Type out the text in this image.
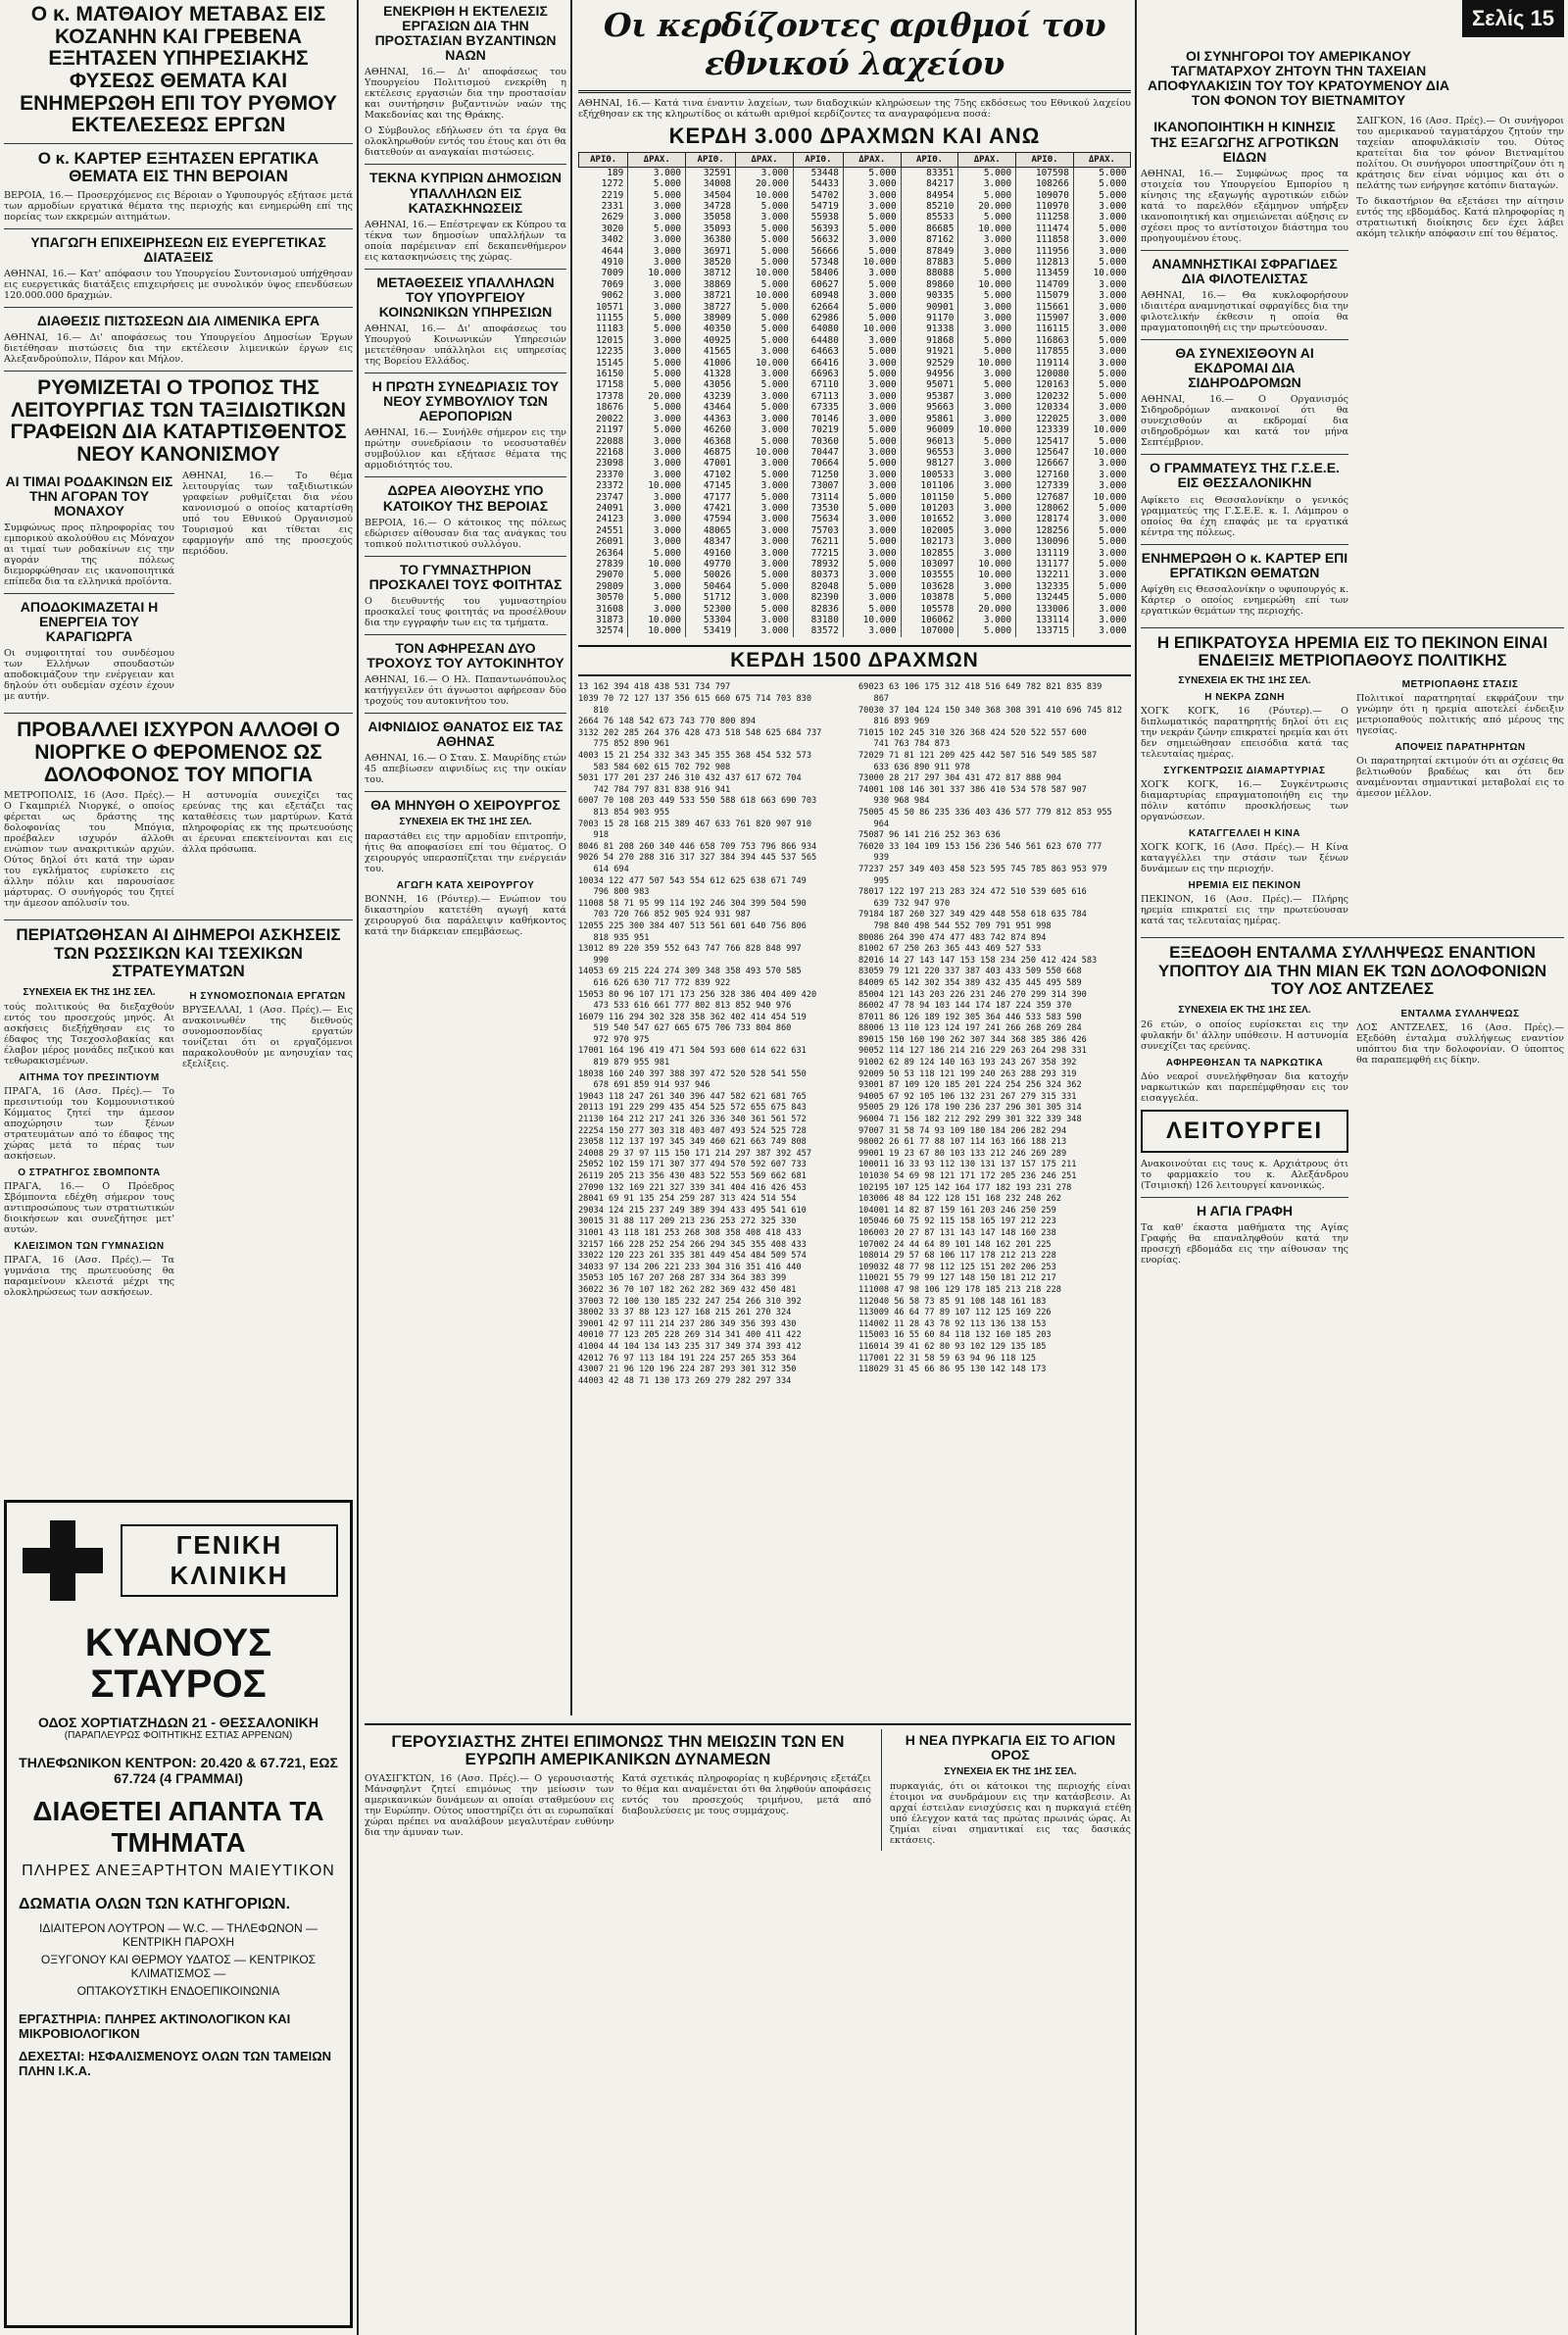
Ο κ. ΜΑΤΘΑΙΟΥ ΜΕΤΑΒΑΣ ΕΙΣ ΚΟΖΑΝΗΝ ΚΑΙ ΓΡΕΒΕΝΑ ΕΞΗΤΑΣΕΝ ΥΠΗΡΕΣΙΑΚΗΣ ΦΥΣΕΩΣ ΘΕΜΑΤΑ ΚΑΙ ΕΝΗΜΕΡΩΘΗ ΕΠΙ ΤΟΥ ΡΥΘΜΟΥ ΕΚΤΕΛΕΣΕΩΣ ΕΡΓΩΝ
Ο κ. ΚΑΡΤΕΡ ΕΞΗΤΑΣΕΝ ΕΡΓΑΤΙΚΑ ΘΕΜΑΤΑ ΕΙΣ ΤΗΝ ΒΕΡΟΙΑΝ

ΒΕΡΟΙΑ, 16.— Προσερχόμενος εις Βέροιαν ο Υφυπουργός εξήτασε μετά των αρμοδίων εργατικά θέματα της περιοχής και ενημερώθη επί της πορείας των εκκρεμών αιτημάτων.

ΥΠΑΓΩΓΗ ΕΠΙΧΕΙΡΗΣΕΩΝ ΕΙΣ ΕΥΕΡΓΕΤΙΚΑΣ ΔΙΑΤΑΞΕΙΣ

ΑΘΗΝΑΙ, 16.— Κατ' απόφασιν του Υπουργείου Συντονισμού υπήχθησαν εις ευεργετικάς διατάξεις επιχειρήσεις με συνολικόν ύψος επενδύσεων 120.000.000 δραχμών.

ΔΙΑΘΕΣΙΣ ΠΙΣΤΩΣΕΩΝ ΔΙΑ ΛΙΜΕΝΙΚΑ ΕΡΓΑ

ΑΘΗΝΑΙ, 16.— Δι' αποφάσεως του Υπουργείου Δημοσίων Έργων διετέθησαν πιστώσεις δια την εκτέλεσιν λιμενικών έργων εις Αλεξανδρούπολιν, Πάρον και Μήλον.

ΡΥΘΜΙΖΕΤΑΙ Ο ΤΡΟΠΟΣ ΤΗΣ ΛΕΙΤΟΥΡΓΙΑΣ ΤΩΝ ΤΑΞΙΔΙΩΤΙΚΩΝ ΓΡΑΦΕΙΩΝ ΔΙΑ ΚΑΤΑΡΤΙΣΘΕΝΤΟΣ ΝΕΟΥ ΚΑΝΟΝΙΣΜΟΥ
ΑΙ ΤΙΜΑΙ ΡΟΔΑΚΙΝΩΝ ΕΙΣ ΤΗΝ ΑΓΟΡΑΝ ΤΟΥ ΜΟΝΑΧΟΥ

Συμφώνως προς πληροφορίας του εμπορικού ακολούθου εις Μόναχον αι τιμαί των ροδακίνων εις την αγοράν της πόλεως διεμορφώθησαν εις ικανοποιητικά επίπεδα δια τα ελληνικά προϊόντα.

ΑΠΟΔΟΚΙΜΑΖΕΤΑΙ Η ΕΝΕΡΓΕΙΑ ΤΟΥ ΚΑΡΑΓΙΩΡΓΑ

Οι συμφοιτηταί του συνδέσμου των Ελλήνων σπουδαστών αποδοκιμάζουν την ενέργειαν και δηλούν ότι ουδεμίαν σχέσιν έχουν με αυτήν.

ΑΘΗΝΑΙ, 16.— Το θέμα λειτουργίας των ταξιδιωτικών γραφείων ρυθμίζεται δια νέου κανονισμού ο οποίος καταρτίσθη υπό του Εθνικού Οργανισμού Τουρισμού και τίθεται εις εφαρμογήν από της προσεχούς περιόδου.

ΠΡΟΒΑΛΛΕΙ ΙΣΧΥΡΟΝ ΑΛΛΟΘΙ Ο ΝΙΟΡΓΚΕ Ο ΦΕΡΟΜΕΝΟΣ ΩΣ ΔΟΛΟΦΟΝΟΣ ΤΟΥ ΜΠΟΓΙΑ

ΜΕΤΡΟΠΟΛΙΣ, 16 (Ασσ. Πρές).— Ο Γκαμπριέλ Νιοργκέ, ο οποίος φέρεται ως δράστης της δολοφονίας του Μπόγια, προέβαλεν ισχυρόν άλλοθι ενώπιον των ανακριτικών αρχών. Ούτος δηλοί ότι κατά την ώραν του εγκλήματος ευρίσκετο εις άλλην πόλιν και παρουσίασε μάρτυρας. Ο συνήγορός του ζητεί την άμεσον απόλυσίν του.

Η αστυνομία συνεχίζει τας ερεύνας της και εξετάζει τας καταθέσεις των μαρτύρων. Κατά πληροφορίας εκ της πρωτευούσης αι έρευναι επεκτείνονται και εις άλλα πρόσωπα.

ΠΕΡΙΑΤΩΘΗΣΑΝ ΑΙ ΔΙΗΜΕΡΟΙ ΑΣΚΗΣΕΙΣ ΤΩΝ ΡΩΣΣΙΚΩΝ ΚΑΙ ΤΣΕΧΙΚΩΝ ΣΤΡΑΤΕΥΜΑΤΩΝ
ΣΥΝΕΧΕΙΑ ΕΚ ΤΗΣ 1ΗΣ ΣΕΛ.

τούς πολιτικούς θα διεξαχθούν εντός του προσεχούς μηνός. Αι ασκήσεις διεξήχθησαν εις το έδαφος της Τσεχοσλοβακίας και έλαβον μέρος μονάδες πεζικού και τεθωρακισμένων.

ΑΙΤΗΜΑ ΤΟΥ ΠΡΕΣΙΝΤΙΟΥΜ

ΠΡΑΓΑ, 16 (Ασσ. Πρές).— Το πρεσιντιούμ του Κομμουνιστικού Κόμματος ζητεί την άμεσον αποχώρησιν των ξένων στρατευμάτων από το έδαφος της χώρας μετά το πέρας των ασκήσεων.

Ο ΣΤΡΑΤΗΓΟΣ ΣΒΟΜΠΟΝΤΑ

ΠΡΑΓΑ, 16.— Ο Πρόεδρος Σβόμποντα εδέχθη σήμερον τους αντιπροσώπους των στρατιωτικών διοικήσεων και συνεζήτησε μετ' αυτών.

ΚΛΕΙΣΙΜΟΝ ΤΩΝ ΓΥΜΝΑΣΙΩΝ

ΠΡΑΓΑ, 16 (Ασσ. Πρές).— Τα γυμνάσια της πρωτευούσης θα παραμείνουν κλειστά μέχρι της ολοκληρώσεως των ασκήσεων.

Η ΣΥΝΟΜΟΣΠΟΝΔΙΑ ΕΡΓΑΤΩΝ

ΒΡΥΞΕΛΛΑΙ, 1 (Ασσ. Πρές).— Εις ανακοινωθέν της διεθνούς συνομοσπονδίας εργατών τονίζεται ότι οι εργαζόμενοι παρακολουθούν με ανησυχίαν τας εξελίξεις.

ΓΕΝΙΚΗ ΚΛΙΝΙΚΗ
ΚΥΑΝΟΥΣ ΣΤΑΥΡΟΣ
ΟΔΟΣ ΧΟΡΤΙΑΤΖΗΔΩΝ 21 - ΘΕΣΣΑΛΟΝΙΚΗ
(ΠΑΡΑΠΛΕΥΡΩΣ ΦΟΙΤΗΤΙΚΗΣ ΕΣΤΙΑΣ ΑΡΡΕΝΩΝ)
ΤΗΛΕΦΩΝΙΚΟΝ ΚΕΝΤΡΟΝ: 20.420 & 67.721, ΕΩΣ 67.724 (4 ΓΡΑΜΜΑΙ)
ΔΙΑΘΕΤΕΙ ΑΠΑΝΤΑ ΤΑ ΤΜΗΜΑΤΑ
ΠΛΗΡΕΣ ΑΝΕΞΑΡΤΗΤΟΝ ΜΑΙΕΥΤΙΚΟΝ
ΔΩΜΑΤΙΑ ΟΛΩΝ ΤΩΝ ΚΑΤΗΓΟΡΙΩΝ.
ΙΔΙΑΙΤΕΡΟΝ ΛΟΥΤΡΟΝ — W.C. — ΤΗΛΕΦΩΝΟΝ — ΚΕΝΤΡΙΚΗ ΠΑΡΟΧΗ
ΟΞΥΓΟΝΟΥ ΚΑΙ ΘΕΡΜΟΥ ΥΔΑΤΟΣ — ΚΕΝΤΡΙΚΟΣ ΚΛΙΜΑΤΙΣΜΟΣ —
ΟΠΤΑΚΟΥΣΤΙΚΗ ΕΝΔΟΕΠΙΚΟΙΝΩΝΙΑ
ΕΡΓΑΣΤΗΡΙΑ: ΠΛΗΡΕΣ ΑΚΤΙΝΟΛΟΓΙΚΟΝ ΚΑΙ ΜΙΚΡΟΒΙΟΛΟΓΙΚΟΝ
ΔΕΧΕΣΤΑΙ: ΗΣΦΑΛΙΣΜΕΝΟΥΣ ΟΛΩΝ ΤΩΝ ΤΑΜΕΙΩΝ ΠΛΗΝ Ι.Κ.Α.
ΕΝΕΚΡΙΘΗ Η ΕΚΤΕΛΕΣΙΣ ΕΡΓΑΣΙΩΝ ΔΙΑ ΤΗΝ ΠΡΟΣΤΑΣΙΑΝ ΒΥΖΑΝΤΙΝΩΝ ΝΑΩΝ

ΑΘΗΝΑΙ, 16.— Δι' αποφάσεως του Υπουργείου Πολιτισμού ενεκρίθη η εκτέλεσις εργασιών δια την προστασίαν και συντήρησιν βυζαντινών ναών της Μακεδονίας και της Θράκης.

Ο Σύμβουλος εδήλωσεν ότι τα έργα θα ολοκληρωθούν εντός του έτους και ότι θα διατεθούν αι αναγκαίαι πιστώσεις.

ΤΕΚΝΑ ΚΥΠΡΙΩΝ ΔΗΜΟΣΙΩΝ ΥΠΑΛΛΗΛΩΝ ΕΙΣ ΚΑΤΑΣΚΗΝΩΣΕΙΣ

ΑΘΗΝΑΙ, 16.— Επέστρεψαν εκ Κύπρου τα τέκνα των δημοσίων υπαλλήλων τα οποία παρέμειναν επί δεκαπενθήμερον εις κατασκηνώσεις της χώρας.

ΜΕΤΑΘΕΣΕΙΣ ΥΠΑΛΛΗΛΩΝ ΤΟΥ ΥΠΟΥΡΓΕΙΟΥ ΚΟΙΝΩΝΙΚΩΝ ΥΠΗΡΕΣΙΩΝ

ΑΘΗΝΑΙ, 16.— Δι' αποφάσεως του Υπουργού Κοινωνικών Υπηρεσιών μετετέθησαν υπάλληλοι εις υπηρεσίας της Βορείου Ελλάδος.

Η ΠΡΩΤΗ ΣΥΝΕΔΡΙΑΣΙΣ ΤΟΥ ΝΕΟΥ ΣΥΜΒΟΥΛΙΟΥ ΤΩΝ ΑΕΡΟΠΟΡΙΩΝ

ΑΘΗΝΑΙ, 16.— Συνήλθε σήμερον εις την πρώτην συνεδρίασιν το νεοσυσταθέν συμβούλιον και εξήτασε θέματα της αρμοδιότητός του.

ΔΩΡΕΑ ΑΙΘΟΥΣΗΣ ΥΠΟ ΚΑΤΟΙΚΟΥ ΤΗΣ ΒΕΡΟΙΑΣ

ΒΕΡΟΙΑ, 16.— Ο κάτοικος της πόλεως εδώρισεν αίθουσαν δια τας ανάγκας του τοπικού πολιτιστικού συλλόγου.

ΤΟ ΓΥΜΝΑΣΤΗΡΙΟΝ ΠΡΟΣΚΑΛΕΙ ΤΟΥΣ ΦΟΙΤΗΤΑΣ

Ο διευθυντής του γυμναστηρίου προσκαλεί τους φοιτητάς να προσέλθουν δια την εγγραφήν των εις τα τμήματα.

ΤΟΝ ΑΦΗΡΕΣΑΝ ΔΥΟ ΤΡΟΧΟΥΣ ΤΟΥ ΑΥΤΟΚΙΝΗΤΟΥ

ΑΘΗΝΑΙ, 16.— Ο Ηλ. Παπαντωνόπουλος κατήγγειλεν ότι άγνωστοι αφήρεσαν δύο τροχούς του αυτοκινήτου του.

ΑΙΦΝΙΔΙΟΣ ΘΑΝΑΤΟΣ ΕΙΣ ΤΑΣ ΑΘΗΝΑΣ

ΑΘΗΝΑΙ, 16.— Ο Σταυ. Σ. Μαυρίδης ετών 45 απεβίωσεν αιφνιδίως εις την οικίαν του.

ΘΑ ΜΗΝΥΘΗ Ο ΧΕΙΡΟΥΡΓΟΣ
ΣΥΝΕΧΕΙΑ ΕΚ ΤΗΣ 1ΗΣ ΣΕΛ.

παραστάθει εις την αρμοδίαν επιτροπήν, ήτις θα αποφασίσει επί του θέματος. Ο χειρουργός υπερασπίζεται την ενέργειάν του.

ΑΓΩΓΗ ΚΑΤΑ ΧΕΙΡΟΥΡΓΟΥ

ΒΟΝΝΗ, 16 (Ρόυτερ).— Ενώπιον του δικαστηρίου κατετέθη αγωγή κατά χειρουργού δια παράλειψιν καθήκοντος κατά την διάρκειαν επεμβάσεως.

Οι κερδίζοντες αριθμοί του εθνικού λαχείου

ΑΘΗΝΑΙ, 16.— Κατά τινα έναντιν λαχείων, των διαδοχικών κληρώσεων της 75ης εκδόσεως του Εθνικού λαχείου εξήχθησαν εκ της κληρωτίδος οι κάτωθι αριθμοί κερδίζοντες τα αναγραφόμενα ποσά:

ΚΕΡΔΗ 3.000 ΔΡΑΧΜΩΝ ΚΑΙ ΑΝΩ
ΑΡΙΘ.	ΔΡΑΧ.	ΑΡΙΘ.	ΔΡΑΧ.	ΑΡΙΘ.	ΔΡΑΧ.	ΑΡΙΘ.	ΔΡΑΧ.	ΑΡΙΘ.	ΔΡΑΧ.
189	3.000	32591	3.000	53448	5.000	83351	5.000	107598	5.000
1272	5.000	34008	20.000	54433	3.000	84217	3.000	108266	5.000
2219	5.000	34504	10.000	54702	3.000	84954	5.000	109070	5.000
2331	3.000	34728	5.000	54719	3.000	85210	20.000	110970	3.000
2629	3.000	35058	3.000	55938	5.000	85533	5.000	111258	3.000
3020	5.000	35093	5.000	56393	5.000	86685	10.000	111474	5.000
3402	3.000	36380	5.000	56632	3.000	87162	3.000	111858	3.000
4644	3.000	36971	5.000	56666	5.000	87849	3.000	111956	3.000
4910	3.000	38520	5.000	57348	10.000	87883	5.000	112813	5.000
7009	10.000	38712	10.000	58406	3.000	88088	5.000	113459	10.000
7069	3.000	38869	5.000	60627	5.000	89860	10.000	114709	3.000
9062	3.000	38721	10.000	60948	3.000	90335	5.000	115079	3.000
10571	3.000	38727	5.000	62664	5.000	90901	3.000	115661	3.000
11155	5.000	38909	5.000	62986	5.000	91170	3.000	115907	3.000
11183	5.000	40350	5.000	64080	10.000	91338	3.000	116115	3.000
12015	3.000	40925	5.000	64480	3.000	91868	5.000	116863	5.000
12235	3.000	41565	3.000	64663	5.000	91921	5.000	117855	3.000
15145	5.000	41006	10.000	66416	3.000	92529	10.000	119114	3.000
16150	5.000	41328	3.000	66963	5.000	94956	3.000	120080	5.000
17158	5.000	43056	5.000	67110	3.000	95071	5.000	120163	5.000
17378	20.000	43239	3.000	67113	3.000	95387	3.000	120232	5.000
18676	5.000	43464	5.000	67335	3.000	95663	3.000	120334	3.000
20022	3.000	44363	3.000	70146	3.000	95861	3.000	122025	3.000
21197	5.000	46260	3.000	70219	5.000	96009	10.000	123339	10.000
22088	3.000	46368	5.000	70360	5.000	96013	5.000	125417	5.000
22168	3.000	46875	10.000	70447	3.000	96553	3.000	125647	10.000
23098	3.000	47001	3.000	70664	5.000	98127	3.000	126667	3.000
23370	3.000	47102	5.000	71250	3.000	100533	3.000	127160	3.000
23372	10.000	47145	3.000	73007	3.000	101106	3.000	127339	3.000
23747	3.000	47177	5.000	73114	5.000	101150	5.000	127687	10.000
24091	3.000	47421	3.000	73530	5.000	101203	3.000	128062	5.000
24123	3.000	47594	3.000	75634	3.000	101652	3.000	128174	3.000
24551	3.000	48065	3.000	75703	3.000	102005	3.000	128256	5.000
26091	3.000	48347	3.000	76211	5.000	102173	3.000	130096	5.000
26364	5.000	49160	3.000	77215	3.000	102855	3.000	131119	3.000
27839	10.000	49770	3.000	78932	5.000	103097	10.000	131177	5.000
29070	5.000	50026	5.000	80373	3.000	103555	10.000	132211	3.000
29809	3.000	50464	5.000	82048	5.000	103628	3.000	132335	5.000
30570	5.000	51712	3.000	82390	3.000	103878	5.000	132445	5.000
31608	3.000	52300	5.000	82836	5.000	105578	20.000	133006	3.000
31873	10.000	53304	3.000	83180	10.000	106062	3.000	133114	3.000
32574	10.000	53419	3.000	83572	3.000	107000	5.000	133715	3.000
ΚΕΡΔΗ 1500 ΔΡΑΧΜΩΝ
13 162 394 418 438 531 734 797
1039 70 72 127 137 356 615 660 675 714 703 830
810
2664 76 148 542 673 743 770 800 894
3132 202 285 264 376 428 473 518 548 625 684 737
775 852 890 961
4003 15 21 254 332 343 345 355 368 454 532 573
583 584 602 615 702 792 908
5031 177 201 237 246 310 432 437 617 672 704
742 784 797 831 838 916 941
6007 70 108 203 449 533 550 588 618 663 690 703
813 854 903 955
7003 15 28 168 215 389 467 633 761 820 907 910
918
8046 81 208 260 340 446 658 709 753 796 866 934
9026 54 270 288 316 317 327 384 394 445 537 565
614 694
10034 122 477 507 543 554 612 625 638 671 749
796 800 983
11008 58 71 95 99 114 192 246 304 399 504 590
703 720 766 852 905 924 931 987
12055 225 300 384 407 513 561 601 640 756 806
818 935 951
13012 89 220 359 552 643 747 766 828 848 997
990
14053 69 215 224 274 309 348 358 493 570 585
616 626 630 717 772 839 922
15053 80 96 107 171 173 256 328 386 404 409 420
473 533 616 661 777 802 813 852 940 976
16079 116 294 302 328 358 362 402 414 454 519
519 540 547 627 665 675 706 733 804 860
972 970 975
17001 164 196 419 471 504 593 600 614 622 631
819 879 955 981
18038 160 240 397 388 397 472 520 528 541 550
678 691 859 914 937 946
19043 118 247 261 340 396 447 582 621 681 765
20113 191 229 299 435 454 525 572 655 675 843
21130 164 212 217 241 326 336 340 361 561 572
22254 150 277 303 318 403 407 493 524 525 728
23058 112 137 197 345 349 460 621 663 749 808
24008 29 37 97 115 150 171 214 297 387 392 457
25052 102 159 171 307 377 494 570 592 607 733
26119 205 213 356 430 483 522 553 569 662 681
27090 132 169 221 327 339 341 404 416 426 453
28041 69 91 135 254 259 287 313 424 514 554
29034 124 215 237 249 389 394 433 495 541 610
30015 31 88 117 209 213 236 253 272 325 330
31001 43 118 181 253 268 308 358 408 418 433
32157 166 228 252 254 266 294 345 355 408 433
33022 120 223 261 335 381 449 454 484 509 574
34033 97 134 206 221 233 304 316 351 416 440
35053 105 167 207 268 287 334 364 383 399
36022 36 70 107 182 262 282 369 432 450 481
37003 72 100 130 185 232 247 254 266 310 392
38002 33 37 88 123 127 168 215 261 270 324
39001 42 97 111 214 237 286 349 356 393 430
40010 77 123 205 228 269 314 341 400 411 422
41004 44 104 134 143 235 317 349 374 393 412
42012 76 97 113 184 191 224 257 265 353 364
43007 21 96 120 196 224 287 293 301 312 350
44003 42 48 71 130 173 269 279 282 297 334
69023 63 106 175 312 418 516 649 782 821 835 839
867
70030 37 104 124 150 340 368 308 391 410 696 745 812
816 893 969
71015 102 245 310 326 368 424 520 522 557 600
741 763 784 873
72029 71 81 121 209 425 442 507 516 549 585 587
633 636 890 911 978
73000 28 217 297 304 431 472 817 888 904
74001 108 146 301 337 386 410 534 578 587 907
930 968 984
75005 45 50 86 235 336 403 436 577 779 812 853 955
964
75087 96 141 216 252 363 636
76020 33 104 109 153 156 236 546 561 623 670 777
939
77237 257 349 403 458 523 595 745 785 863 953 979
995
78017 122 197 213 283 324 472 510 539 605 616
639 732 947 970
79184 187 260 327 349 429 448 558 618 635 784
798 840 498 544 552 709 791 951 998
80086 264 390 474 477 483 742 874 894
81002 67 250 263 365 443 469 527 533
82016 14 27 143 147 153 158 234 250 412 424 583
83059 79 121 220 337 387 403 433 509 550 668
84009 65 142 302 354 389 432 435 445 495 589
85004 121 143 203 226 231 246 270 299 314 390
86002 47 78 94 103 144 174 187 224 359 370
87011 86 126 189 192 305 364 446 533 583 590
88006 13 110 123 124 197 241 266 268 269 284
89015 150 160 190 262 307 344 368 385 386 426
90052 114 127 186 214 216 229 263 264 298 331
91002 62 89 124 140 163 193 243 267 358 392
92009 50 53 118 121 199 240 263 288 293 319
93001 87 109 120 185 201 224 254 256 324 362
94005 67 92 105 106 132 231 267 279 315 331
95005 29 126 178 190 236 237 296 301 305 314
96004 71 156 182 212 292 299 301 322 339 348
97007 31 58 74 93 109 180 184 206 282 294
98002 26 61 77 88 107 114 163 166 188 213
99001 19 23 67 80 103 133 212 246 269 289
100011 16 33 93 112 130 131 137 157 175 211
101030 54 69 98 121 171 172 205 236 246 251
102195 107 125 142 164 177 182 193 231 278
103006 48 84 122 128 151 168 232 248 262
104001 14 82 87 159 161 203 246 250 259
105046 60 75 92 115 158 165 197 212 223
106003 20 27 87 131 143 147 148 160 238
107002 24 44 64 89 101 148 162 201 225
108014 29 57 68 106 117 178 212 213 228
109032 48 77 98 112 125 151 202 206 253
110021 55 79 99 127 148 150 181 212 217
111008 47 98 106 129 178 185 213 218 228
112040 56 58 73 85 91 108 148 161 183
113009 46 64 77 89 107 112 125 169 226
114002 11 28 43 78 92 113 136 138 153
115003 16 55 60 84 118 132 160 185 203
116014 39 41 62 80 93 102 129 135 185
117001 22 31 58 59 63 94 96 118 125
118029 31 45 66 86 95 130 142 148 173
ΓΕΡΟΥΣΙΑΣΤΗΣ ΖΗΤΕΙ ΕΠΙΜΟΝΩΣ ΤΗΝ ΜΕΙΩΣΙΝ ΤΩΝ ΕΝ ΕΥΡΩΠΗ ΑΜΕΡΙΚΑΝΙΚΩΝ ΔΥΝΑΜΕΩΝ

ΟΥΑΣΙΓΚΤΩΝ, 16 (Ασσ. Πρές).— Ο γερουσιαστής Μάνσφηλντ ζητεί επιμόνως την μείωσιν των αμερικανικών δυνάμεων αι οποίαι σταθμεύουν εις την Ευρώπην. Ούτος υποστηρίζει ότι αι ευρωπαϊκαί χώραι πρέπει να αναλάβουν μεγαλυτέραν ευθύνην δια την άμυναν των.

Κατά σχετικάς πληροφορίας η κυβέρνησις εξετάζει το θέμα και αναμένεται ότι θα ληφθούν αποφάσεις εντός του προσεχούς τριμήνου, μετά από διαβουλεύσεις με τους συμμάχους.

Η ΝΕΑ ΠΥΡΚΑΓΙΑ ΕΙΣ ΤΟ ΑΓΙΟΝ ΟΡΟΣ
ΣΥΝΕΧΕΙΑ ΕΚ ΤΗΣ 1ΗΣ ΣΕΛ.

πυρκαγιάς, ότι οι κάτοικοι της περιοχής είναι έτοιμοι να συνδράμουν εις την κατάσβεσιν. Αι αρχαί έστειλαν ενισχύσεις και η πυρκαγιά ετέθη υπό έλεγχον κατά τας πρώτας πρωινάς ώρας. Αι ζημίαι είναι σημαντικαί εις τας δασικάς εκτάσεις.

ΟΙ ΣΥΝΗΓΟΡΟΙ ΤΟΥ ΑΜΕΡΙΚΑΝΟΥ ΤΑΓΜΑΤΑΡΧΟΥ ΖΗΤΟΥΝ ΤΗΝ ΤΑΧΕΙΑΝ ΑΠΟΦΥΛΑΚΙΣΙΝ ΤΟΥ ΤΟΥ ΚΡΑΤΟΥΜΕΝΟΥ ΔΙΑ ΤΟΝ ΦΟΝΟΝ ΤΟΥ ΒΙΕΤΝΑΜΙΤΟΥ
Σελίς 15
ΙΚΑΝΟΠΟΙΗΤΙΚΗ Η ΚΙΝΗΣΙΣ ΤΗΣ ΕΞΑΓΩΓΗΣ ΑΓΡΟΤΙΚΩΝ ΕΙΔΩΝ

ΑΘΗΝΑΙ, 16.— Συμφώνως προς τα στοιχεία του Υπουργείου Εμπορίου η κίνησις της εξαγωγής αγροτικών ειδών κατά το παρελθόν εξάμηνον υπήρξεν ικανοποιητική και σημειώνεται αύξησις εν σχέσει προς το αντίστοιχον διάστημα του προηγουμένου έτους.

ΑΝΑΜΝΗΣΤΙΚΑΙ ΣΦΡΑΓΙΔΕΣ ΔΙΑ ΦΙΛΟΤΕΛΙΣΤΑΣ

ΑΘΗΝΑΙ, 16.— Θα κυκλοφορήσουν ιδιαιτέρα αναμνηστικαί σφραγίδες δια την φιλοτελικήν έκθεσιν η οποία θα πραγματοποιηθή εις την πρωτεύουσαν.

ΘΑ ΣΥΝΕΧΙΣΘΟΥΝ ΑΙ ΕΚΔΡΟΜΑΙ ΔΙΑ ΣΙΔΗΡΟΔΡΟΜΩΝ

ΑΘΗΝΑΙ, 16.— Ο Οργανισμός Σιδηροδρόμων ανακοινοί ότι θα συνεχισθούν αι εκδρομαί δια σιδηροδρόμων και κατά τον μήνα Σεπτέμβριον.

Ο ΓΡΑΜΜΑΤΕΥΣ ΤΗΣ Γ.Σ.Ε.Ε. ΕΙΣ ΘΕΣΣΑΛΟΝΙΚΗΝ

Αφίκετο εις Θεσσαλονίκην ο γενικός γραμματεύς της Γ.Σ.Ε.Ε. κ. Ι. Λάμπρου ο οποίος θα έχη επαφάς με τα εργατικά κέντρα της πόλεως.

ΕΝΗΜΕΡΩΘΗ Ο κ. ΚΑΡΤΕΡ ΕΠΙ ΕΡΓΑΤΙΚΩΝ ΘΕΜΑΤΩΝ

Αφίχθη εις Θεσσαλονίκην ο υφυπουργός κ. Κάρτερ ο οποίος ενημερώθη επί των εργατικών θεμάτων της περιοχής.

ΣΑΙΓΚΟΝ, 16 (Ασσ. Πρές).— Οι συνήγοροι του αμερικανού ταγματάρχου ζητούν την ταχείαν αποφυλάκισίν του. Ούτος κρατείται δια τον φόνον Βιετναμίτου πολίτου. Οι συνήγοροι υποστηρίζουν ότι η κράτησις δεν είναι νόμιμος και ότι ο πελάτης των ενήργησε κατόπιν διαταγών.

Το δικαστήριον θα εξετάσει την αίτησιν εντός της εβδομάδος. Κατά πληροφορίας η στρατιωτική διοίκησις δεν έχει λάβει ακόμη τελικήν απόφασιν επί του θέματος.

Η ΕΠΙΚΡΑΤΟΥΣΑ ΗΡΕΜΙΑ ΕΙΣ ΤΟ ΠΕΚΙΝΟΝ ΕΙΝΑΙ ΕΝΔΕΙΞΙΣ ΜΕΤΡΙΟΠΑΘΟΥΣ ΠΟΛΙΤΙΚΗΣ
ΣΥΝΕΧΕΙΑ ΕΚ ΤΗΣ 1ΗΣ ΣΕΛ.
Η ΝΕΚΡΑ ΖΩΝΗ

ΧΟΓΚ ΚΟΓΚ, 16 (Ρόυτερ).— Ο διπλωματικός παρατηρητής δηλοί ότι εις την νεκράν ζώνην επικρατεί ηρεμία και ότι δεν σημειώθησαν επεισόδια κατά τας τελευταίας ημέρας.

ΣΥΓΚΕΝΤΡΩΣΙΣ ΔΙΑΜΑΡΤΥΡΙΑΣ

ΧΟΓΚ ΚΟΓΚ, 16.— Συγκέντρωσις διαμαρτυρίας επραγματοποιήθη εις την πόλιν κατόπιν προσκλήσεως των οργανώσεων.

ΚΑΤΑΓΓΕΛΛΕΙ Η ΚΙΝΑ

ΧΟΓΚ ΚΟΓΚ, 16 (Ασσ. Πρές).— Η Κίνα καταγγέλλει την στάσιν των ξένων δυνάμεων εις την περιοχήν.

ΗΡΕΜΙΑ ΕΙΣ ΠΕΚΙΝΟΝ

ΠΕΚΙΝΟΝ, 16 (Ασσ. Πρές).— Πλήρης ηρεμία επικρατεί εις την πρωτεύουσαν κατά τας τελευταίας ημέρας.

ΜΕΤΡΙΟΠΑΘΗΣ ΣΤΑΣΙΣ

Πολιτικοί παρατηρηταί εκφράζουν την γνώμην ότι η ηρεμία αποτελεί ένδειξιν μετριοπαθούς πολιτικής από μέρους της ηγεσίας.

ΑΠΟΨΕΙΣ ΠΑΡΑΤΗΡΗΤΩΝ

Οι παρατηρηταί εκτιμούν ότι αι σχέσεις θα βελτιωθούν βραδέως και ότι δεν αναμένονται σημαντικαί μεταβολαί εις το άμεσον μέλλον.

ΕΞΕΔΟΘΗ ΕΝΤΑΛΜΑ ΣΥΛΛΗΨΕΩΣ ΕΝΑΝΤΙΟΝ ΥΠΟΠΤΟΥ ΔΙΑ ΤΗΝ ΜΙΑΝ ΕΚ ΤΩΝ ΔΟΛΟΦΟΝΙΩΝ ΤΟΥ ΛΟΣ ΑΝΤΖΕΛΕΣ
ΣΥΝΕΧΕΙΑ ΕΚ ΤΗΣ 1ΗΣ ΣΕΛ.

26 ετών, ο οποίος ευρίσκεται εις την φυλακήν δι' άλλην υπόθεσιν. Η αστυνομία συνεχίζει τας ερεύνας.

ΑΦΗΡΕΘΗΣΑΝ ΤΑ ΝΑΡΚΩΤΙΚΑ

Δύο νεαροί συνελήφθησαν δια κατοχήν ναρκωτικών και παρεπέμφθησαν εις τον εισαγγελέα.

ΛΕΙΤΟΥΡΓΕΙ

Ανακοινούται εις τους κ. Αρχιάτρους ότι το φαρμακείο του κ. Αλεξάνδρου (Τσιμισκή) 126 λειτουργεί κανονικώς.

Η ΑΓΙΑ ΓΡΑΦΗ

Τα καθ' έκαστα μαθήματα της Αγίας Γραφής θα επαναληφθούν κατά την προσεχή εβδομάδα εις την αίθουσαν της ενορίας.

ΕΝΤΑΛΜΑ ΣΥΛΛΗΨΕΩΣ

ΛΟΣ ΑΝΤΖΕΛΕΣ, 16 (Ασσ. Πρές).— Εξεδόθη ένταλμα συλλήψεως εναντίον υπόπτου δια την δολοφονίαν. Ο ύποπτος θα παραπεμφθή εις δίκην.
